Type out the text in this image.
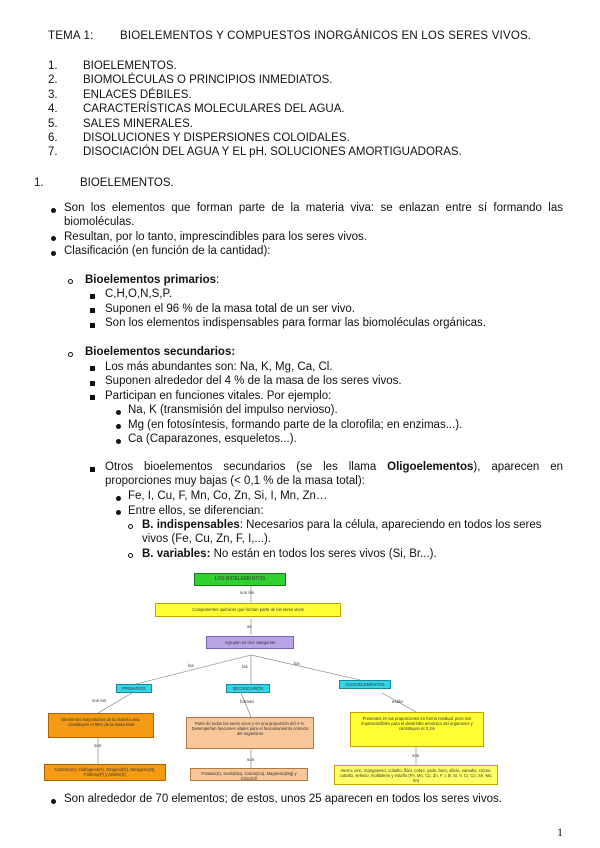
TEMA 1: BIOELEMENTOS Y COMPUESTOS INORGÁNICOS EN LOS SERES VIVOS.
1. BIOELEMENTOS.
2. BIOMOLÉCULAS O PRINCIPIOS INMEDIATOS.
3. ENLACES DÉBILES.
4. CARACTERÍSTICAS MOLECULARES DEL AGUA.
5. SALES MINERALES.
6. DISOLUCIONES Y DISPERSIONES COLOIDALES.
7. DISOCIACIÓN DEL AGUA Y EL pH. SOLUCIONES AMORTIGUADORAS.
1.	BIOELEMENTOS.
Son los elementos que forman parte de la materia viva: se enlazan entre sí formando las biomoléculas.
Resultan, por lo tanto, imprescindibles para los seres vivos.
Clasificación (en función de la cantidad):
Bioelementos primarios:
C,H,O,N,S,P.
Suponen el 96 % de la masa total de un ser vivo.
Son los elementos indispensables para formar las biomoléculas orgánicas.
Bioelementos secundarios:
Los más abundantes son: Na, K, Mg, Ca, Cl.
Suponen alrededor del 4 % de la masa de los seres vivos.
Participan en funciones vitales. Por ejemplo:
Na, K (transmisión del impulso nervioso).
Mg (en fotosíntesis, formando parte de la clorofila; en enzimas...).
Ca (Caparazones, esqueletos...).
Otros bioelementos secundarios (se les llama Oligoelementos), aparecen en proporciones muy bajas (< 0,1 % de la masa total):
Fe, I, Cu, F, Mn, Co, Zn, Si, I, Mn, Zn…
Entre ellos, se diferencian:
B. indispensables: Necesarios para la célula, apareciendo en todos los seres vivos (Fe, Cu, Zn, F, I,...).
B. variables: No están en todos los seres vivos (Si, Br...).
LOS BIOELEMENTOS
son los
Componentes químicos que forman parte de los seres vivos
se
Agrupan en tres categorías
los	los
los
PRIMARIOS	SECUNDARIOS
OLIGOELEMENTOS
son los	forman	están
Elementos mayoritarios de la materia viva, constituyen el 96% de la masa total	Parte de todos los seres vivos y en una proporción del 4 %. Desempeñan funciones vitales para el funcionamiento correcto del organismo
Presentes en las proporciones en forma residual, pero son imprescindibles para el desarrollo armónico del organismo y constituyen el 0,1%
son
son
son
Carbono(C), Hidrógeno(H), Oxígeno(O), Nitrógeno(N), Fósforo(P) y Azufre(S)	Potasio(K), Sodio(Na), Calcio(Ca), Magnesio(Mg) y Cloro(Cl)
Hierro, cinc, manganeso, cobalto, flúor, cobre, yodo, boro, silicio, vanadio, cromo, cobalto, selenio, molibdeno y estaño (Fe, Mn, Cu, Zn, F, I, B, Si, V, Cr, Co, Se, Mo, Sn)
Son alrededor de 70 elementos; de estos, unos 25 aparecen en todos los seres vivos.
1
